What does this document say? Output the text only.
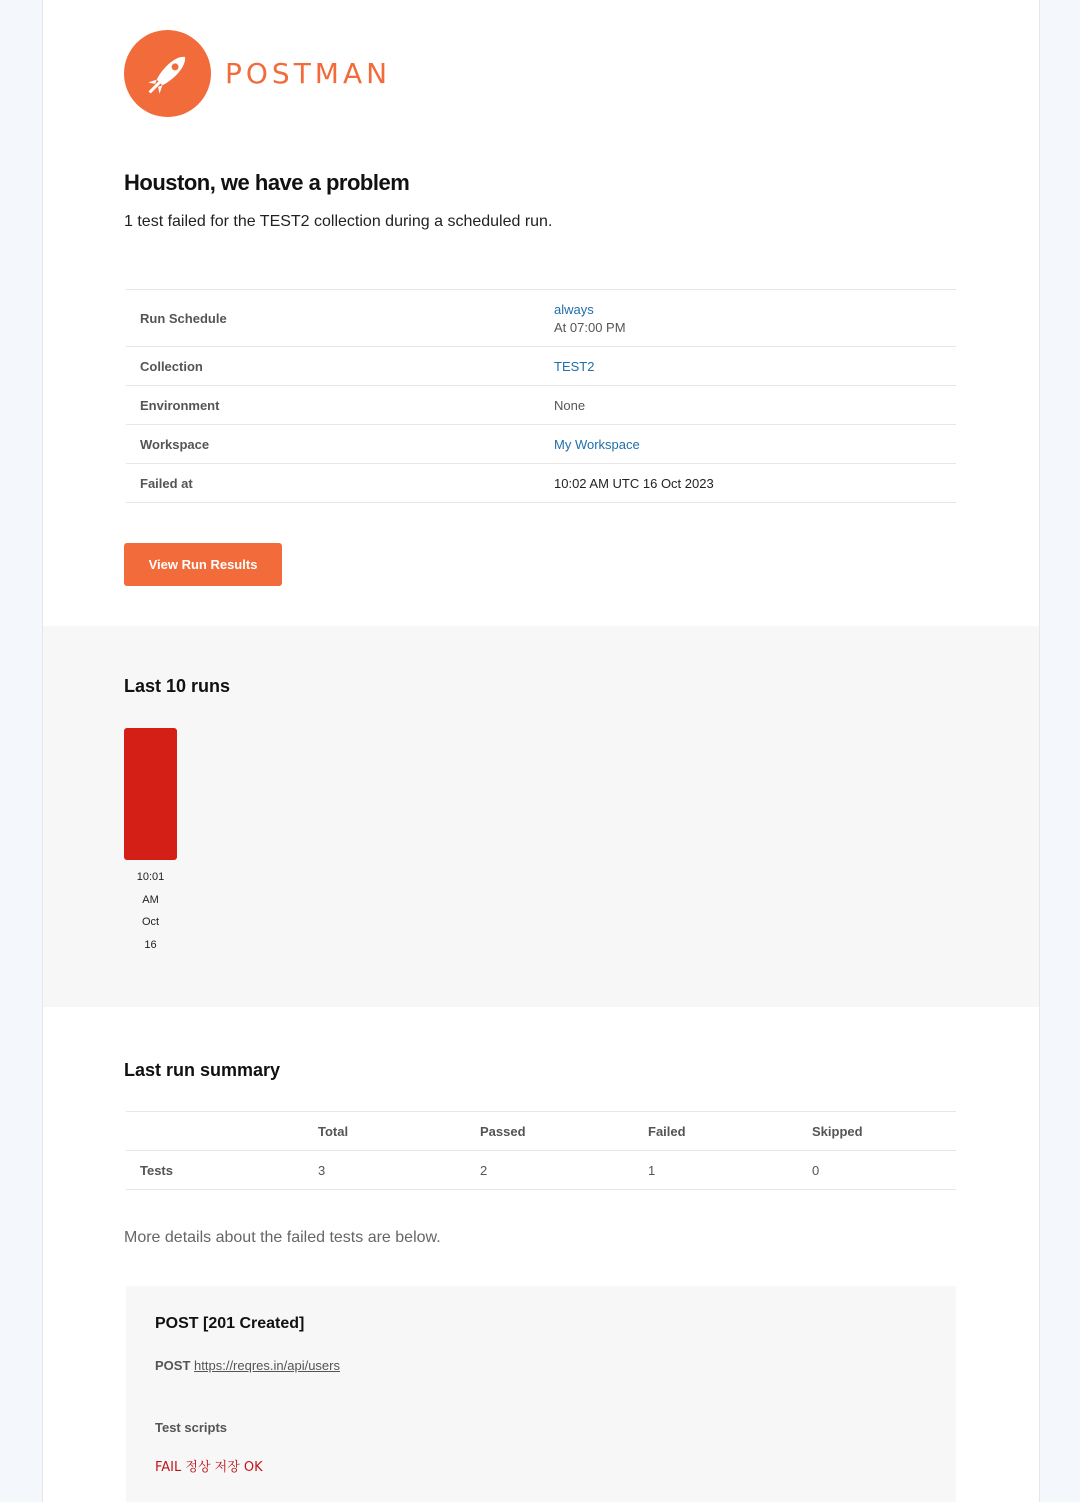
POSTMAN
Houston, we have a problem
1 test failed for the TEST2 collection during a scheduled run.
Run Schedule	always
At 07:00 PM

Collection	TEST2
Environment	None
Workspace	My Workspace
Failed at	10:02 AM UTC 16 Oct 2023
View Run Results
Last 10 runs
10:01
AM
Oct
16
Last run summary
	Total	Passed	Failed	Skipped
Tests	3	2	1	0
More details about the failed tests are below.
POST [201 Created]
POST https://reqres.in/api/users
Test scripts
FAIL 정상 저장 OK
